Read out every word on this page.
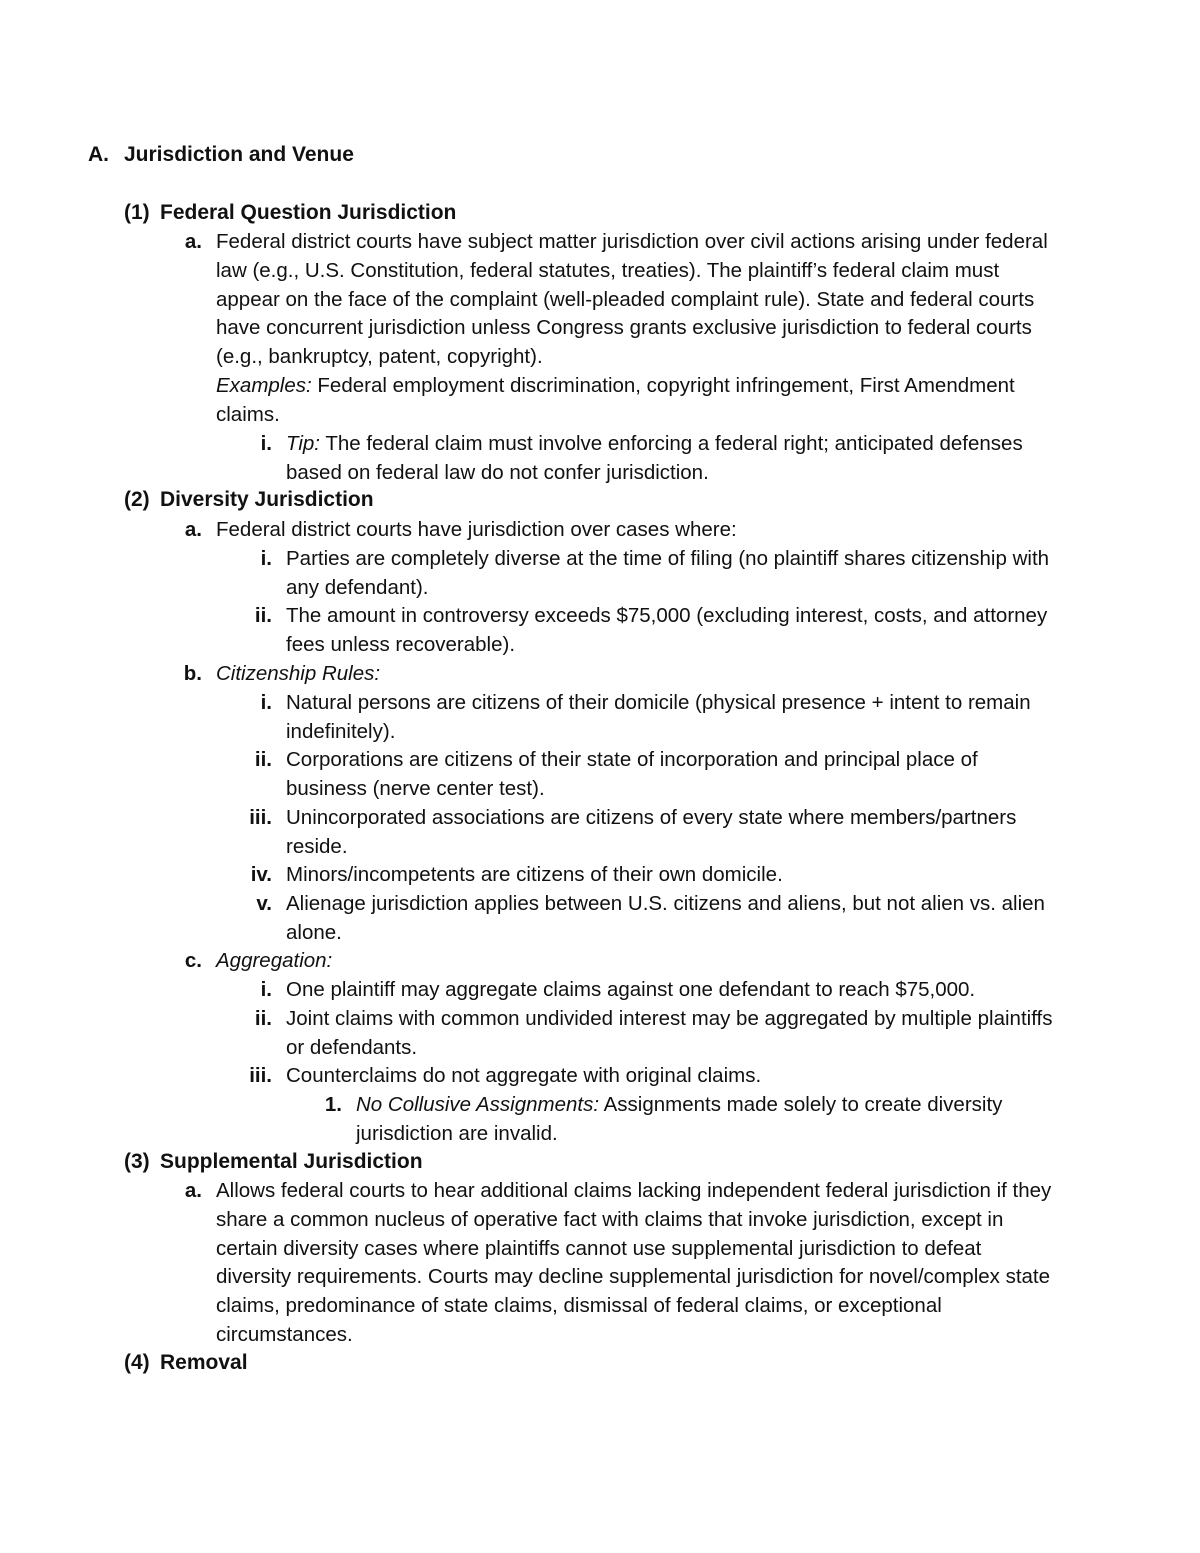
A. Jurisdiction and Venue
(1) Federal Question Jurisdiction
a. Federal district courts have subject matter jurisdiction over civil actions arising under federal law (e.g., U.S. Constitution, federal statutes, treaties). The plaintiff’s federal claim must appear on the face of the complaint (well-pleaded complaint rule). State and federal courts have concurrent jurisdiction unless Congress grants exclusive jurisdiction to federal courts (e.g., bankruptcy, patent, copyright).
Examples: Federal employment discrimination, copyright infringement, First Amendment claims.
i. Tip: The federal claim must involve enforcing a federal right; anticipated defenses based on federal law do not confer jurisdiction.
(2) Diversity Jurisdiction
a. Federal district courts have jurisdiction over cases where:
i. Parties are completely diverse at the time of filing (no plaintiff shares citizenship with any defendant).
ii. The amount in controversy exceeds $75,000 (excluding interest, costs, and attorney fees unless recoverable).
b. Citizenship Rules:
i. Natural persons are citizens of their domicile (physical presence + intent to remain indefinitely).
ii. Corporations are citizens of their state of incorporation and principal place of business (nerve center test).
iii. Unincorporated associations are citizens of every state where members/partners reside.
iv. Minors/incompetents are citizens of their own domicile.
v. Alienage jurisdiction applies between U.S. citizens and aliens, but not alien vs. alien alone.
c. Aggregation:
i. One plaintiff may aggregate claims against one defendant to reach $75,000.
ii. Joint claims with common undivided interest may be aggregated by multiple plaintiffs or defendants.
iii. Counterclaims do not aggregate with original claims.
1. No Collusive Assignments: Assignments made solely to create diversity jurisdiction are invalid.
(3) Supplemental Jurisdiction
a. Allows federal courts to hear additional claims lacking independent federal jurisdiction if they share a common nucleus of operative fact with claims that invoke jurisdiction, except in certain diversity cases where plaintiffs cannot use supplemental jurisdiction to defeat diversity requirements. Courts may decline supplemental jurisdiction for novel/complex state claims, predominance of state claims, dismissal of federal claims, or exceptional circumstances.
(4) Removal
